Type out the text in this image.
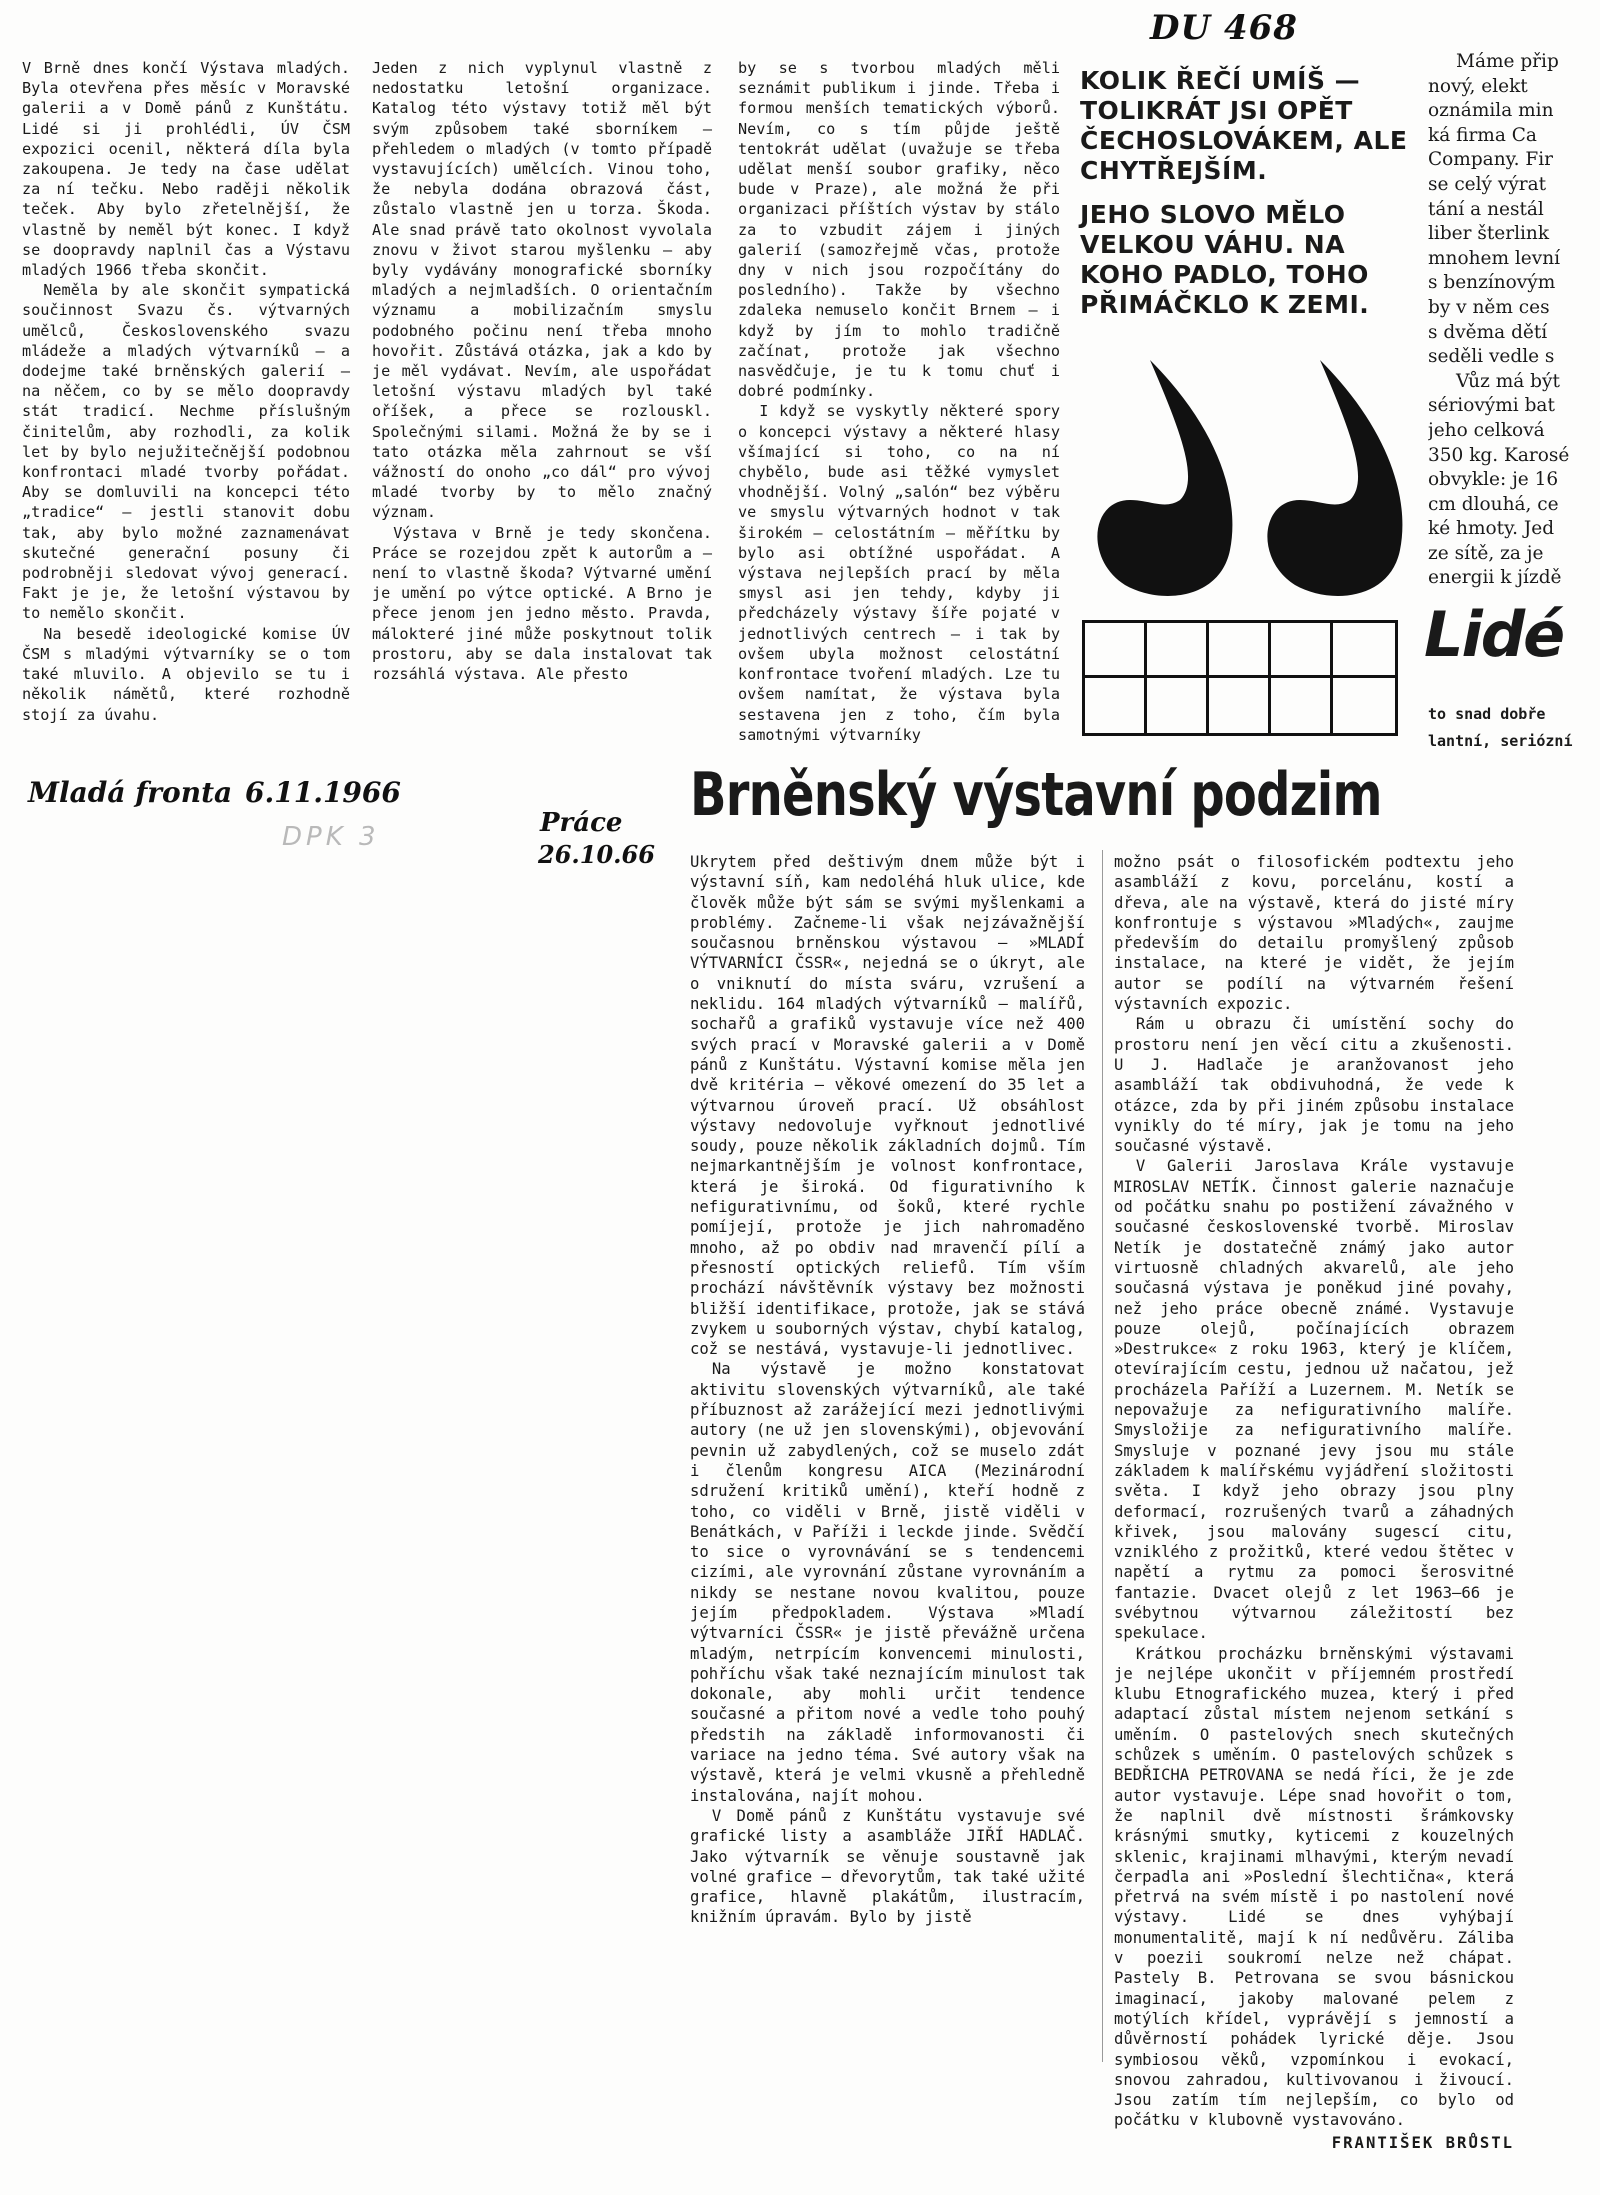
DU 468

V Brně dnes končí Výstava mladých. Byla otevřena přes měsíc v Moravské galerii a v Domě pánů z Kunštátu. Lidé si ji prohlédli, ÚV ČSM expozici ocenil, některá díla byla zakoupena. Je tedy na čase udělat za ní tečku. Nebo raději několik teček. Aby bylo zřetelnější, že vlastně by neměl být konec. I když se doopravdy naplnil čas a Výstavu mladých 1966 třeba skončit.

Neměla by ale skončit sympatická součinnost Svazu čs. výtvarných umělců, Československého svazu mládeže a mladých výtvarníků — a dodejme také brněnských galerií — na něčem, co by se mělo doopravdy stát tradicí. Nechme příslušným činitelům, aby rozhodli, za kolik let by bylo nejužitečnější podobnou konfrontaci mladé tvorby pořádat. Aby se domluvili na koncepci této „tradice“ — jestli stanovit dobu tak, aby bylo možné zaznamenávat skutečné generační posuny či podrobněji sledovat vývoj generací. Fakt je je, že letošní výstavou by to nemělo skončit.

Na besedě ideologické komise ÚV ČSM s mladými výtvarníky se o tom také mluvilo. A objevilo se tu i několik námětů, které rozhodně stojí za úvahu.

Jeden z nich vyplynul vlastně z nedostatku letošní organizace. Katalog této výstavy totiž měl být svým způsobem také sborníkem — přehledem o mladých (v tomto případě vystavujících) umělcích. Vinou toho, že nebyla dodána obrazová část, zůstalo vlastně jen u torza. Škoda. Ale snad právě tato okolnost vyvolala znovu v život starou myšlenku — aby byly vydávány monografické sborníky mladých a nejmladších. O orientačním významu a mobilizačním smyslu podobného počinu není třeba mnoho hovořit. Zůstává otázka, jak a kdo by je měl vydávat. Nevím, ale uspořádat letošní výstavu mladých byl také oříšek, a přece se rozlouskl. Společnými silami. Možná že by se i tato otázka měla zahrnout se vší vážností do onoho „co dál“ pro vývoj mladé tvorby by to mělo značný význam.

Výstava v Brně je tedy skončena. Práce se rozejdou zpět k autorům a — není to vlastně škoda? Výtvarné umění je umění po výtce optické. A Brno je přece jenom jen jedno město. Pravda, málokteré jiné může poskytnout tolik prostoru, aby se dala instalovat tak rozsáhlá výstava. Ale přesto

by se s tvorbou mladých měli seznámit publikum i jinde. Třeba i formou menších tematických výborů. Nevím, co s tím půjde ještě tentokrát udělat (uvažuje se třeba udělat menší soubor grafiky, něco bude v Praze), ale možná že při organizaci příštích výstav by stálo za to vzbudit zájem i jiných galerií (samozřejmě včas, protože dny v nich jsou rozpočítány do posledního). Takže by všechno zdaleka nemuselo končit Brnem — i když by jím to mohlo tradičně začínat, protože jak všechno nasvědčuje, je tu k tomu chuť i dobré podmínky.

I když se vyskytly některé spory o koncepci výstavy a některé hlasy všímající si toho, co na ní chybělo, bude asi těžké vymyslet vhodnější. Volný „salón“ bez výběru ve smyslu výtvarných hodnot v tak širokém — celostátním — měřítku by bylo asi obtížné uspořádat. A výstava nejlepších prací by měla smysl asi jen tehdy, kdyby ji předcházely výstavy šíře pojaté v jednotlivých centrech — i tak by ovšem ubyla možnost celostátní konfrontace tvoření mladých. Lze tu ovšem namítat, že výstava byla sestavena jen z toho, čím byla samotnými výtvarníky

KOLIK ŘEČÍ UMÍŠ — TOLIKRÁT JSI OPĚT ČECHOSLOVÁKEM, ALE CHYTŘEJŠÍM.
JEHO SLOVO MĚLO VELKOU VÁHU. NA KOHO PADLO, TOHO PŘIMÁČKLO K ZEMI.
Lidé
to snad dobře
lantní, seriózní
Máme přip
nový, elekt
oznámila min
ká firma Ca
Company. Fir
se celý výrat
tání a nestál
liber šterlink
mnohem levní
s benzínovým
by v něm ces
s dvěma dětí
seděli vedle s
Vůz má být
sériovými bat
jeho celková
350 kg. Karosé
obvykle: je 16
cm dlouhá, ce
ké hmoty. Jed
ze sítě, za je
energii k jízdě
Mladá fronta 6.11.1966
DPK 3	Práce
26.10.66
Brněnský výstavní podzim

Ukrytem před deštivým dnem může být i výstavní síň, kam nedoléhá hluk ulice, kde člověk může být sám se svými myšlenkami a problémy. Začneme-li však nejzávažnější současnou brněnskou výstavou — »MLADÍ VÝTVARNÍCI ČSSR«, nejedná se o úkryt, ale o vniknutí do místa sváru, vzrušení a neklidu. 164 mladých výtvarníků — malířů, sochařů a grafiků vystavuje více než 400 svých prací v Moravské galerii a v Domě pánů z Kunštátu. Výstavní komise měla jen dvě kritéria — věkové omezení do 35 let a výtvarnou úroveň prací. Už obsáhlost výstavy nedovoluje vyřknout jednotlivé soudy, pouze několik základních dojmů. Tím nejmarkantnějším je volnost konfrontace, která je široká. Od figurativního k nefigurativnímu, od šoků, které rychle pomíjejí, protože je jich nahromaděno mnoho, až po obdiv nad mravenčí pílí a přesností optických reliefů. Tím vším prochází návštěvník výstavy bez možnosti bližší identifikace, protože, jak se stává zvykem u souborných výstav, chybí katalog, což se nestává, vystavuje-li jednotlivec.

Na výstavě je možno konstatovat aktivitu slovenských výtvarníků, ale také příbuznost až zarážející mezi jednotlivými autory (ne už jen slovenskými), objevování pevnin už zabydlených, což se muselo zdát i členům kongresu AICA (Mezinárodní sdružení kritiků umění), kteří hodně z toho, co viděli v Brně, jistě viděli v Benátkách, v Paříži i leckde jinde. Svědčí to sice o vyrovnávání se s tendencemi cizími, ale vyrovnání zůstane vyrovnáním a nikdy se nestane novou kvalitou, pouze jejím předpokladem. Výstava »Mladí výtvarníci ČSSR« je jistě převážně určena mladým, netrpícím konvencemi minulosti, pohříchu však také neznajícím minulost tak dokonale, aby mohli určit tendence současné a přitom nové a vedle toho pouhý předstih na základě informovanosti či variace na jedno téma. Své autory však na výstavě, která je velmi vkusně a přehledně instalována, najít mohou.

V Domě pánů z Kunštátu vystavuje své grafické listy a asambláže JIŘÍ HADLAČ. Jako výtvarník se věnuje soustavně jak volné grafice — dřevorytům, tak také užité grafice, hlavně plakátům, ilustracím, knižním úpravám. Bylo by jistě

možno psát o filosofickém podtextu jeho asambláží z kovu, porcelánu, kostí a dřeva, ale na výstavě, která do jisté míry konfrontuje s výstavou »Mladých«, zaujme především do detailu promyšlený způsob instalace, na které je vidět, že jejím autor se podílí na výtvarném řešení výstavních expozic.

Rám u obrazu či umístění sochy do prostoru není jen věcí citu a zkušenosti. U J. Hadlače je aranžovanost jeho asambláží tak obdivuhodná, že vede k otázce, zda by při jiném způsobu instalace vynikly do té míry, jak je tomu na jeho současné výstavě.

V Galerii Jaroslava Krále vystavuje MIROSLAV NETÍK. Činnost galerie naznačuje od počátku snahu po postižení závažného v současné československé tvorbě. Miroslav Netík je dostatečně známý jako autor virtuosně chladných akvarelů, ale jeho současná výstava je poněkud jiné povahy, než jeho práce obecně známé. Vystavuje pouze olejů, počínajících obrazem »Destrukce« z roku 1963, který je klíčem, otevírajícím cestu, jednou už načatou, jež procházela Paříží a Luzernem. M. Netík se nepovažuje za nefigurativního malíře. Smysložije za nefigurativního malíře. Smysluje v poznané jevy jsou mu stále základem k malířskému vyjádření složitosti světa. I když jeho obrazy jsou plny deformací, rozrušených tvarů a záhadných křivek, jsou malovány sugescí citu, vzniklého z prožitků, které vedou štětec v napětí a rytmu za pomoci šerosvitné fantazie. Dvacet olejů z let 1963—66 je svébytnou výtvarnou záležitostí bez spekulace.

Krátkou procházku brněnskými výstavami je nejlépe ukončit v příjemném prostředí klubu Etnografického muzea, který i před adaptací zůstal místem nejenom setkání s uměním. O pastelových snech skutečných schůzek s uměním. O pastelových schůzek s BEDŘICHA PETROVANA se nedá říci, že je zde autor vystavuje. Lépe snad hovořit o tom, že naplnil dvě místnosti šrámkovsky krásnými smutky, kyticemi z kouzelných sklenic, krajinami mlhavými, kterým nevadí čerpadla ani »Poslední šlechtična«, která přetrvá na svém místě i po nastolení nové výstavy. Lidé se dnes vyhýbají monumentalitě, mají k ní nedůvěru. Záliba v poezii soukromí nelze než chápat. Pastely B. Petrovana se svou básnickou imaginací, jakoby malované pelem z motýlích křídel, vyprávějí s jemností a důvěrností pohádek lyrické děje. Jsou symbiosou věků, vzpomínkou i evokací, snovou zahradou, kultivovanou i živoucí. Jsou zatím tím nejlepším, co bylo od počátku v klubovně vystavováno.

FRANTIŠEK BRŮSTL
